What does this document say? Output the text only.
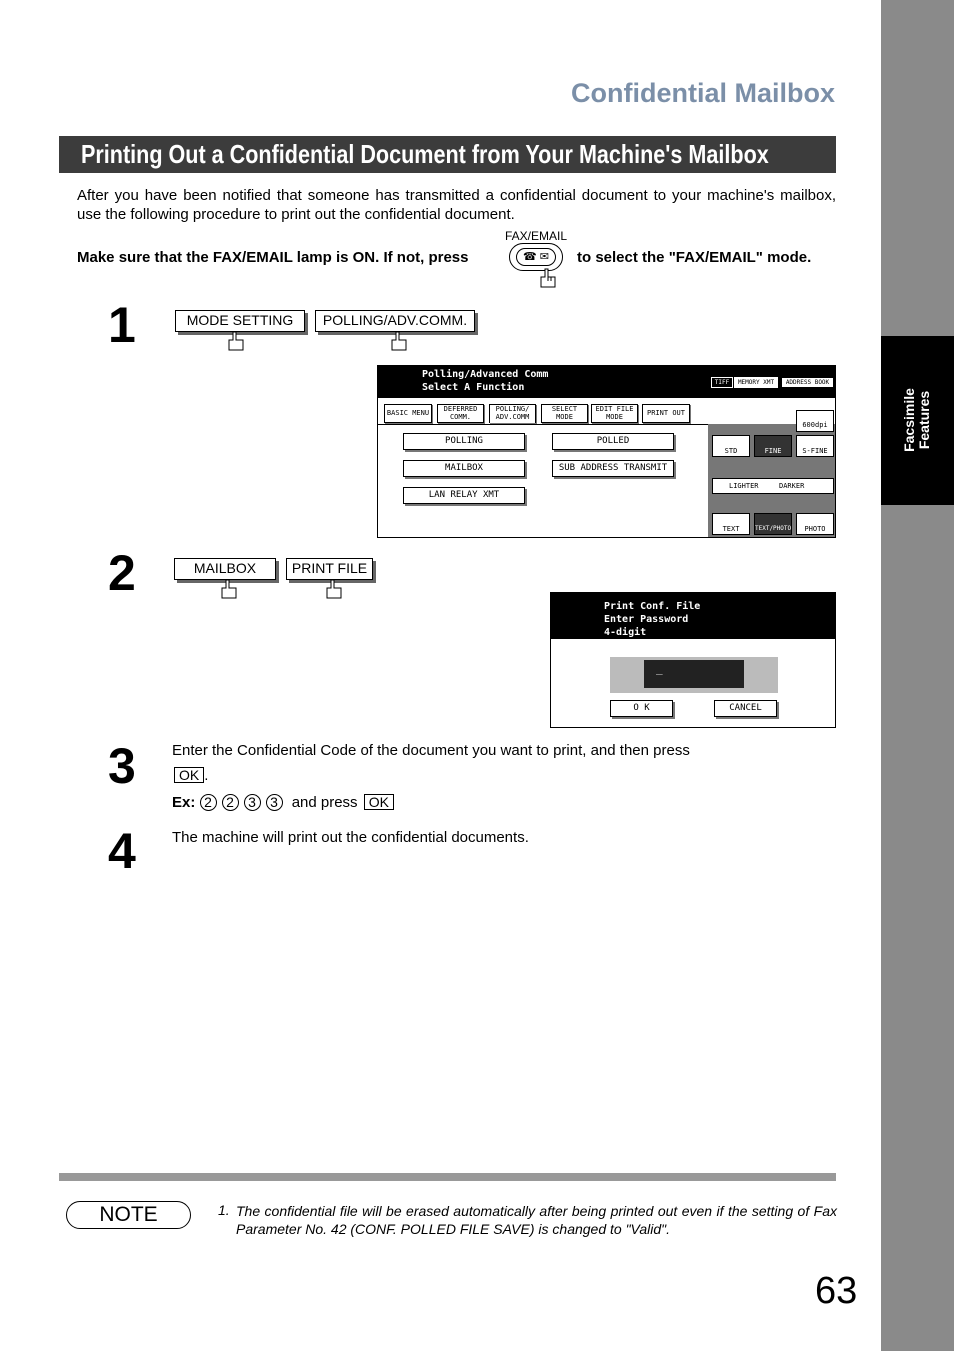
Facsimile Features
Confidential Mailbox
Printing Out a Confidential Document from Your Machine's Mailbox
After you have been notified that someone has transmitted a confidential document to your machine's mailbox, use the following procedure to print out the confidential document.
Make sure that the FAX/EMAIL lamp is ON. If not, press
FAX/EMAIL
☎ ✉	to select the "FAX/EMAIL" mode.
1	MODE SETTING	POLLING/ADV.COMM.
Polling/Advanced Comm
Select A Function	TIFF	MEMORY XMT	ADDRESS BOOK
BASIC MENU	DEFERRED COMM.
POLLING/ ADV.COMM
SELECT MODE
EDIT FILE MODE	PRINT OUT
POLLING	POLLED
MAILBOX	SUB ADDRESS TRANSMIT
LAN RELAY XMT
600dpi
STD	FINE	S-FINE
LIGHTER	DARKER
TEXT	TEXT/PHOTO	PHOTO
2	MAILBOX	PRINT FILE
Print Conf. File
Enter Password
4-digit
_
O K	CANCEL
3 Enter the Confidential Code of the document you want to print, and then press
OK .
Ex: 2 2 3 3 and press OK
4 The machine will print out the confidential documents.
NOTE	1. The confidential file will be erased automatically after being printed out even if the setting of Fax Parameter No. 42 (CONF. POLLED FILE SAVE) is changed to "Valid".
63
